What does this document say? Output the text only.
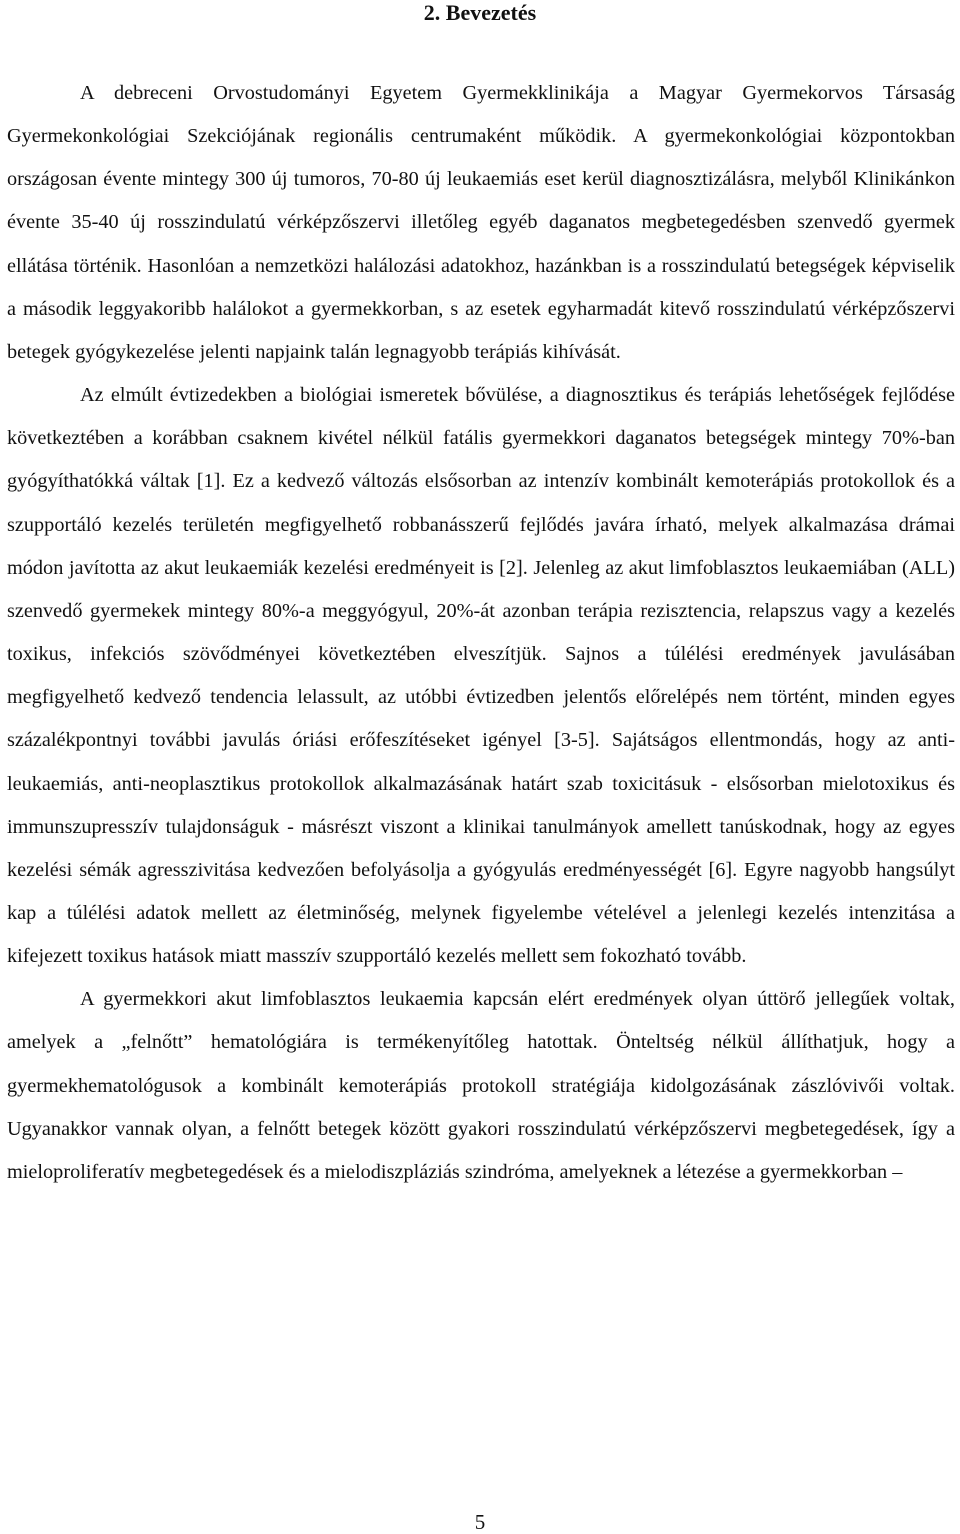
2. Bevezetés

A debreceni Orvostudományi Egyetem Gyermekklinikája a Magyar Gyermekorvos Társaság Gyermekonkológiai Szekciójának regionális centrumaként működik. A gyermekonkológiai központokban országosan évente mintegy 300 új tumoros, 70-80 új leukaemiás eset kerül diagnosztizálásra, melyből Klinikánkon évente 35-40 új rosszindulatú vérképzőszervi illetőleg egyéb daganatos megbetegedésben szenvedő gyermek ellátása történik. Hasonlóan a nemzetközi halálozási adatokhoz, hazánkban is a rosszindulatú betegségek képviselik a második leggyakoribb halálokot a gyermekkorban, s az esetek egyharmadát kitevő rosszindulatú vérképzőszervi betegek gyógykezelése jelenti napjaink talán legnagyobb terápiás kihívását.

Az elmúlt évtizedekben a biológiai ismeretek bővülése, a diagnosztikus és terápiás lehetőségek fejlődése következtében a korábban csaknem kivétel nélkül fatális gyermekkori daganatos betegségek mintegy 70%-ban gyógyíthatókká váltak [1]. Ez a kedvező változás elsősorban az intenzív kombinált kemoterápiás protokollok és a szupportáló kezelés területén megfigyelhető robbanásszerű fejlődés javára írható, melyek alkalmazása drámai módon javította az akut leukaemiák kezelési eredményeit is [2]. Jelenleg az akut limfoblasztos leukaemiában (ALL) szenvedő gyermekek mintegy 80%-a meggyógyul, 20%-át azonban terápia rezisztencia, relapszus vagy a kezelés toxikus, infekciós szövődményei következtében elveszítjük. Sajnos a túlélési eredmények javulásában megfigyelhető kedvező tendencia lelassult, az utóbbi évtizedben jelentős előrelépés nem történt, minden egyes százalékpontnyi további javulás óriási erőfeszítéseket igényel [3-5]. Sajátságos ellentmondás, hogy az anti-leukaemiás, anti-neoplasztikus protokollok alkalmazásának határt szab toxicitásuk - elsősorban mielotoxikus és immunszupresszív tulajdonságuk - másrészt viszont a klinikai tanulmányok amellett tanúskodnak, hogy az egyes kezelési sémák agresszivitása kedvezően befolyásolja a gyógyulás eredményességét [6]. Egyre nagyobb hangsúlyt kap a túlélési adatok mellett az életminőség, melynek figyelembe vételével a jelenlegi kezelés intenzitása a kifejezett toxikus hatások miatt masszív szupportáló kezelés mellett sem fokozható tovább.

A gyermekkori akut limfoblasztos leukaemia kapcsán elért eredmények olyan úttörő jellegűek voltak, amelyek a „felnőtt” hematológiára is termékenyítőleg hatottak. Önteltség nélkül állíthatjuk, hogy a gyermekhematológusok a kombinált kemoterápiás protokoll stratégiája kidolgozásának zászlóvivői voltak. Ugyanakkor vannak olyan, a felnőtt betegek között gyakori rosszindulatú vérképzőszervi megbetegedések, így a mieloproliferatív megbetegedések és a mielodiszpláziás szindróma, amelyeknek a létezése a gyermekkorban –

5
